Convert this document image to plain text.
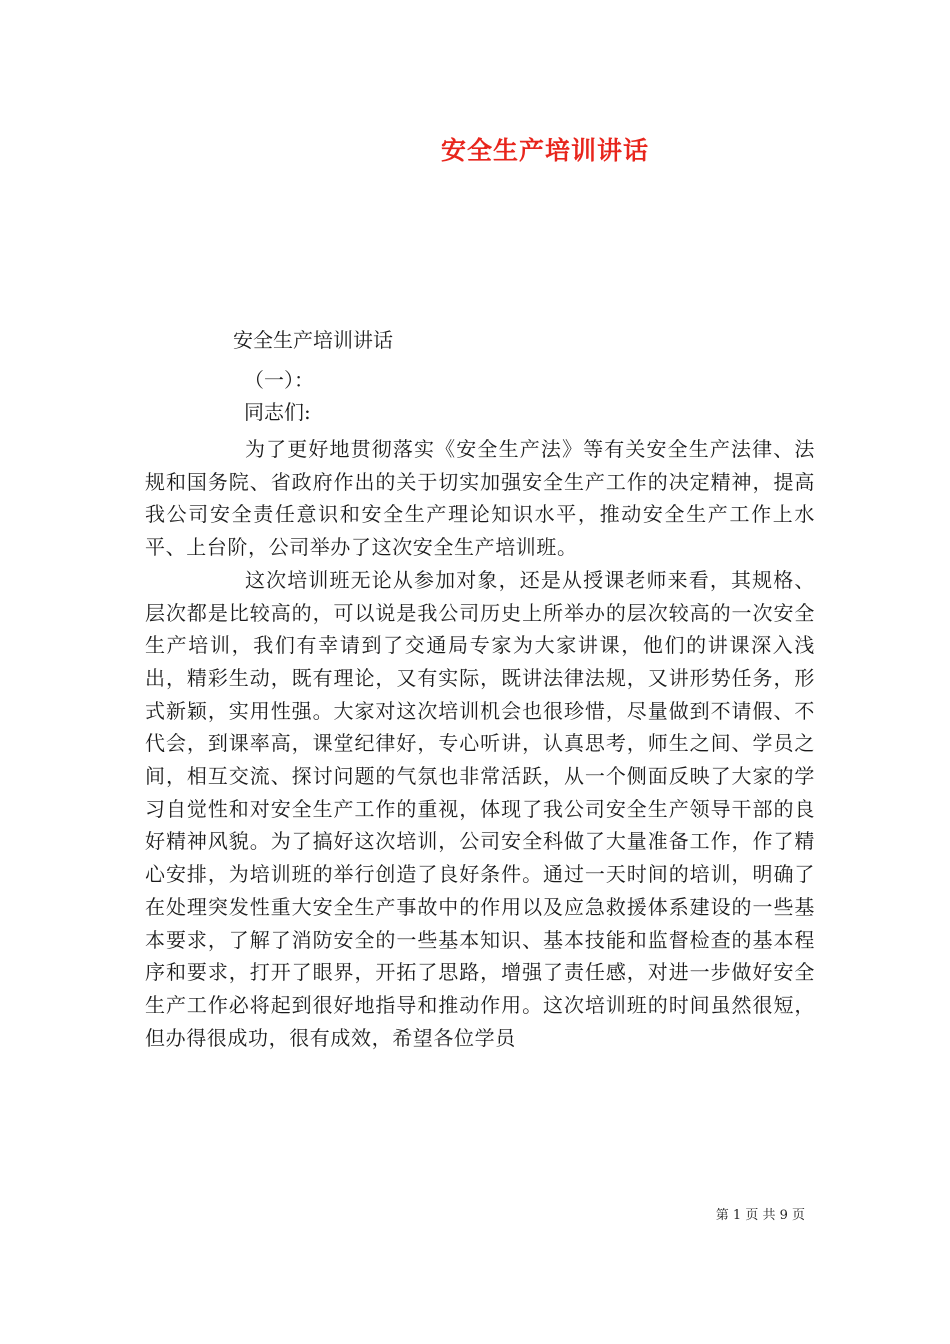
安全生产培训讲话

安全生产培训讲话

（一）：

同志们:

为了更好地贯彻落实《安全生产法》等有关安全生产法律、法规和国务院、省政府作出的关于切实加强安全生产工作的决定精神，提高我公司安全责任意识和安全生产理论知识水平，推动安全生产工作上水平、上台阶，公司举办了这次安全生产培训班。

这次培训班无论从参加对象，还是从授课老师来看，其规格、层次都是比较高的，可以说是我公司历史上所举办的层次较高的一次安全生产培训，我们有幸请到了交通局专家为大家讲课，他们的讲课深入浅出，精彩生动，既有理论，又有实际，既讲法律法规，又讲形势任务，形式新颖，实用性强。大家对这次培训机会也很珍惜，尽量做到不请假、不代会，到课率高，课堂纪律好，专心听讲，认真思考，师生之间、学员之间，相互交流、探讨问题的气氛也非常活跃，从一个侧面反映了大家的学习自觉性和对安全生产工作的重视，体现了我公司安全生产领导干部的良好精神风貌。为了搞好这次培训，公司安全科做了大量准备工作，作了精心安排，为培训班的举行创造了良好条件。通过一天时间的培训，明确了在处理突发性重大安全生产事故中的作用以及应急救援体系建设的一些基本要求，了解了消防安全的一些基本知识、基本技能和监督检查的基本程序和要求，打开了眼界，开拓了思路，增强了责任感，对进一步做好安全生产工作必将起到很好地指导和推动作用。这次培训班的时间虽然很短，但办得很成功，很有成效，希望各位学员

第 1 页 共 9 页
